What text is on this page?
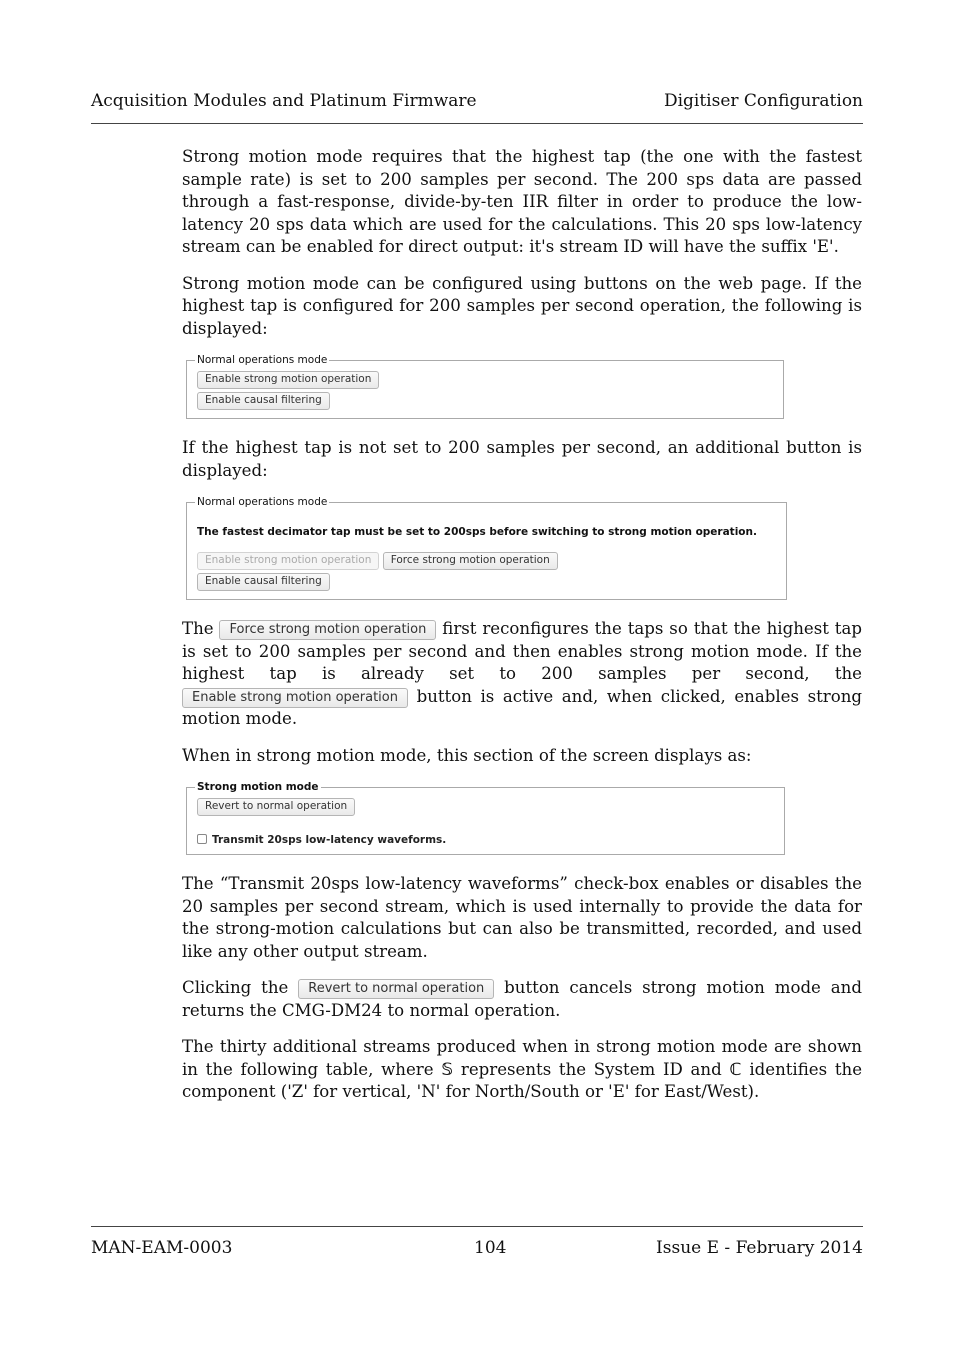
Acquisition Modules and Platinum Firmware	Digitiser Configuration

Strong motion mode requires that the highest tap (the one with the fastest sample rate) is set to 200 samples per second. The 200 sps data are passed through a fast-response, divide-by-ten IIR filter in order to produce the low-latency 20 sps data which are used for the calculations. This 20 sps low-latency stream can be enabled for direct output: it's stream ID will have the suffix 'E'.

Strong motion mode can be configured using buttons on the web page. If the highest tap is configured for 200 samples per second operation, the following is displayed:

Normal operations mode
Enable strong motion operation
Enable causal filtering

If the highest tap is not set to 200 samples per second, an additional button is displayed:

Normal operations mode
The fastest decimator tap must be set to 200sps before switching to strong motion operation.
Enable strong motion operation Force strong motion operation
Enable causal filtering

The Force strong motion operation first reconfigures the taps so that the highest tap is set to 200 samples per second and then enables strong motion mode. If the highest tap is already set to 200 samples per second, the Enable strong motion operation button is active and, when clicked, enables strong motion mode.

When in strong motion mode, this section of the screen displays as:

Strong motion mode
Revert to normal operation
Transmit 20sps low-latency waveforms.

The “Transmit 20sps low-latency waveforms” check-box enables or disables the 20 samples per second stream, which is used internally to provide the data for the strong-motion calculations but can also be transmitted, recorded, and used like any other output stream.

Clicking the Revert to normal operation button cancels strong motion mode and returns the CMG-DM24 to normal operation.

The thirty additional streams produced when in strong motion mode are shown in the following table, where 𝕊 represents the System ID and ℂ identifies the component ('Z' for vertical, 'N' for North/South or 'E' for East/West).

MAN-EAM-0003	104	Issue E - February 2014
